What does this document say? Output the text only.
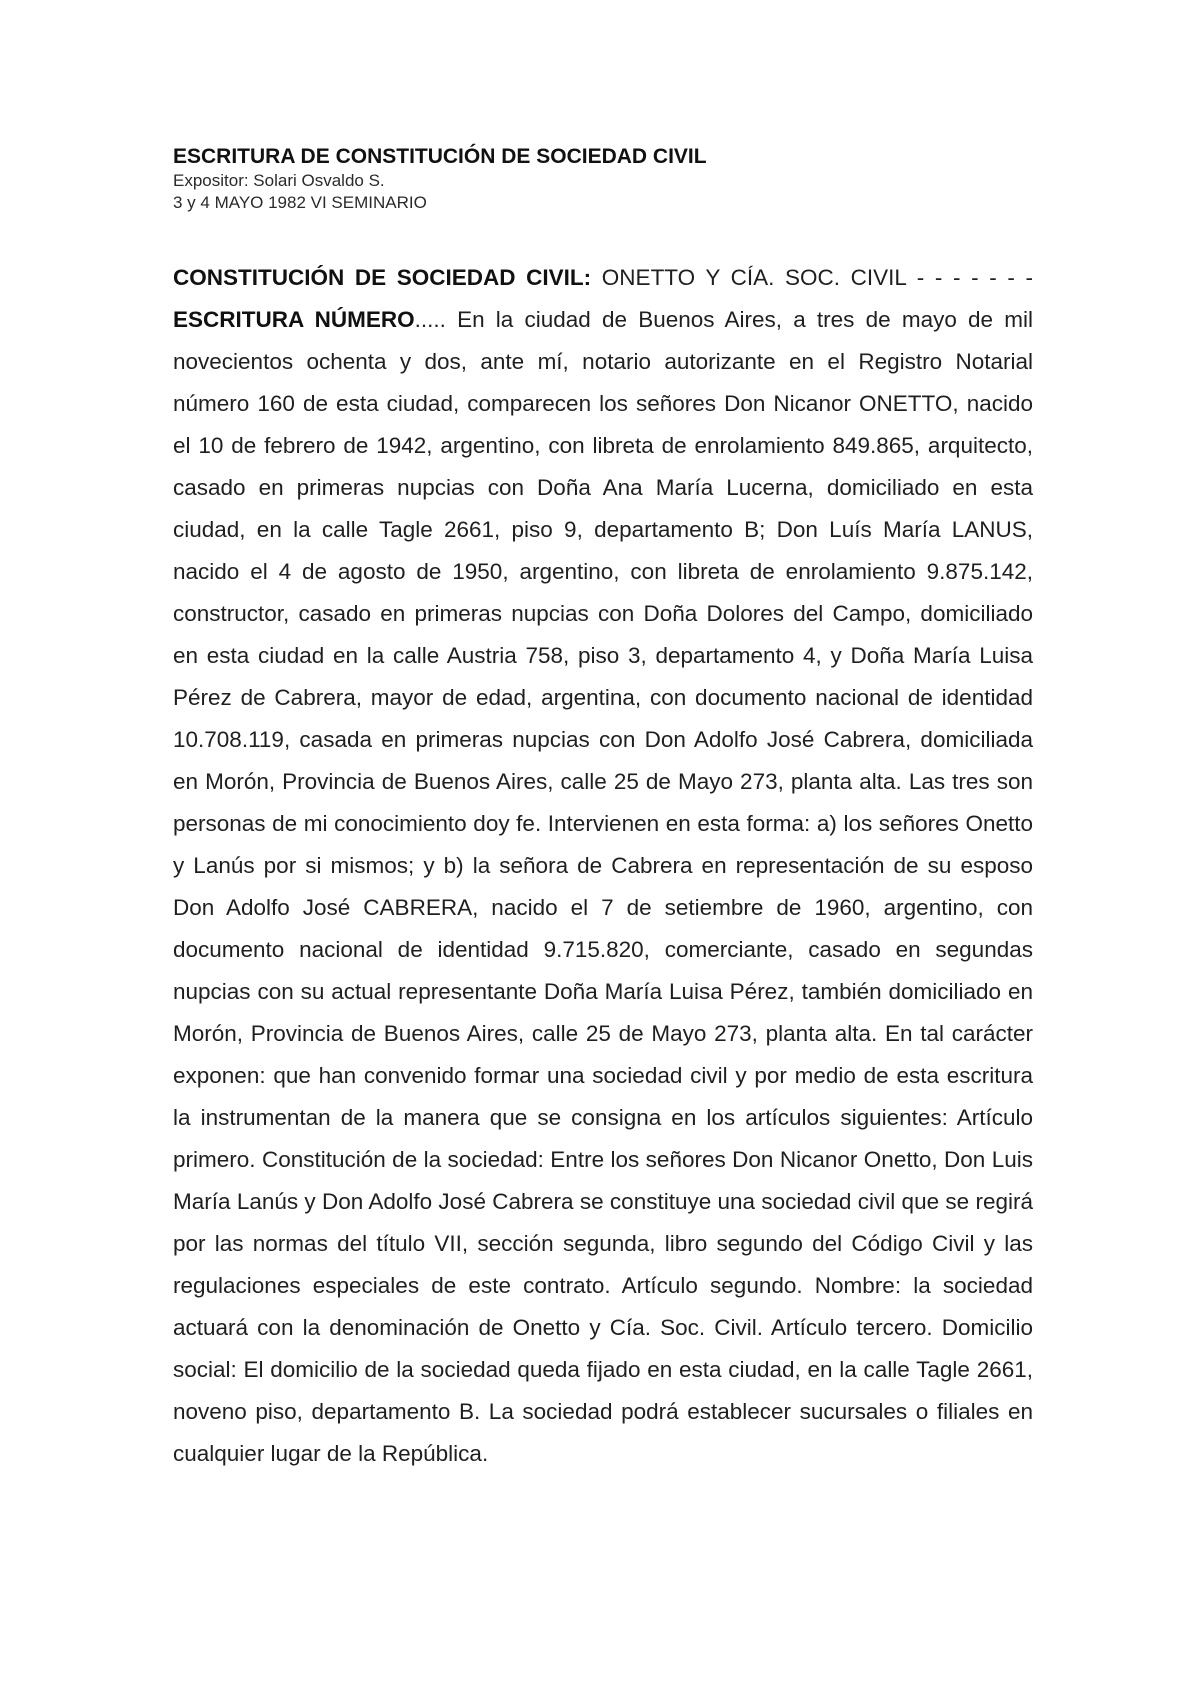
ESCRITURA DE CONSTITUCIÓN DE SOCIEDAD CIVIL

Expositor: Solari Osvaldo S.

3 y 4 MAYO 1982 VI SEMINARIO

CONSTITUCIÓN DE SOCIEDAD CIVIL: ONETTO Y CÍA. SOC. CIVIL - - - - - - - ESCRITURA NÚMERO..... En la ciudad de Buenos Aires, a tres de mayo de mil novecientos ochenta y dos, ante mí, notario autorizante en el Registro Notarial número 160 de esta ciudad, comparecen los señores Don Nicanor ONETTO, nacido el 10 de febrero de 1942, argentino, con libreta de enrolamiento 849.865, arquitecto, casado en primeras nupcias con Doña Ana María Lucerna, domiciliado en esta ciudad, en la calle Tagle 2661, piso 9, departamento B; Don Luís María LANUS, nacido el 4 de agosto de 1950, argentino, con libreta de enrolamiento 9.875.142, constructor, casado en primeras nupcias con Doña Dolores del Campo, domiciliado en esta ciudad en la calle Austria 758, piso 3, departamento 4, y Doña María Luisa Pérez de Cabrera, mayor de edad, argentina, con documento nacional de identidad 10.708.119, casada en primeras nupcias con Don Adolfo José Cabrera, domiciliada en Morón, Provincia de Buenos Aires, calle 25 de Mayo 273, planta alta. Las tres son personas de mi conocimiento doy fe. Intervienen en esta forma: a) los señores Onetto y Lanús por si mismos; y b) la señora de Cabrera en representación de su esposo Don Adolfo José CABRERA, nacido el 7 de setiembre de 1960, argentino, con documento nacional de identidad 9.715.820, comerciante, casado en segundas nupcias con su actual representante Doña María Luisa Pérez, también domiciliado en Morón, Provincia de Buenos Aires, calle 25 de Mayo 273, planta alta. En tal carácter exponen: que han convenido formar una sociedad civil y por medio de esta escritura la instrumentan de la manera que se consigna en los artículos siguientes: Artículo primero. Constitución de la sociedad: Entre los señores Don Nicanor Onetto, Don Luis María Lanús y Don Adolfo José Cabrera se constituye una sociedad civil que se regirá por las normas del título VII, sección segunda, libro segundo del Código Civil y las regulaciones especiales de este contrato. Artículo segundo. Nombre: la sociedad actuará con la denominación de Onetto y Cía. Soc. Civil. Artículo tercero. Domicilio social: El domicilio de la sociedad queda fijado en esta ciudad, en la calle Tagle 2661, noveno piso, departamento B. La sociedad podrá establecer sucursales o filiales en cualquier lugar de la República.
